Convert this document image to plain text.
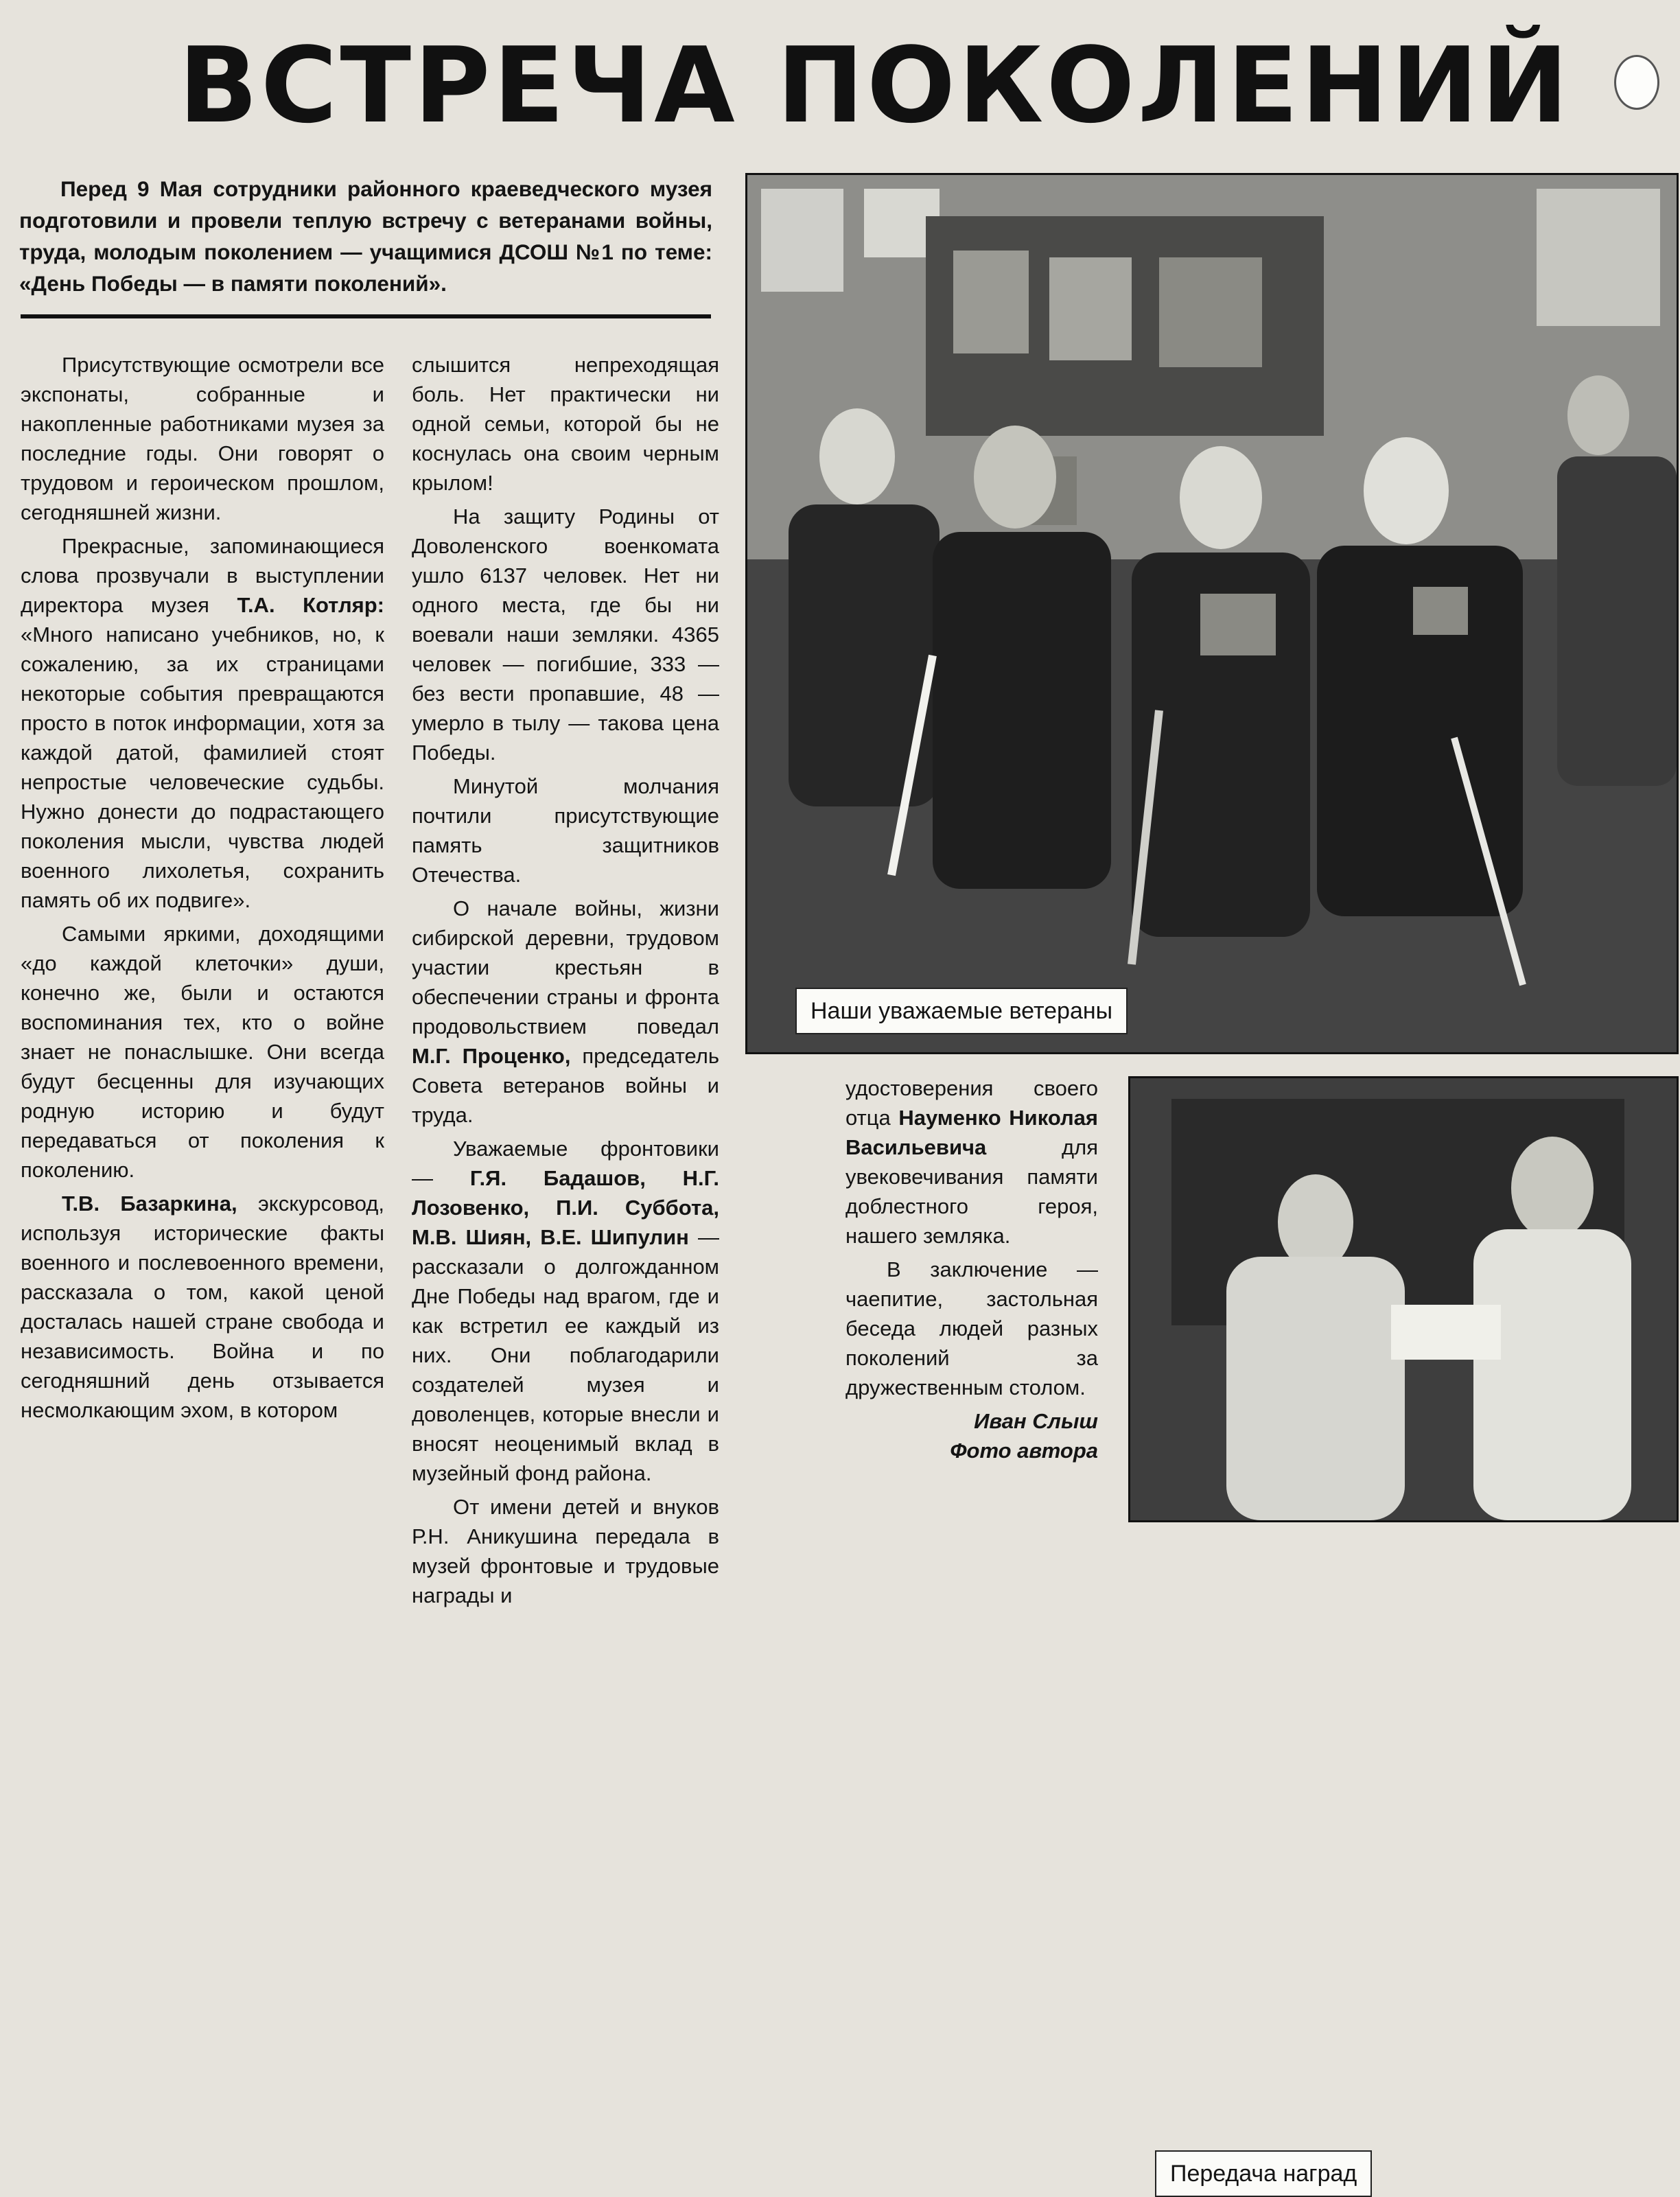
ВСТРЕЧА ПОКОЛЕНИЙ

Перед 9 Мая сотрудники районного краеведческого музея подготовили и провели теплую встречу с ветеранами войны, труда, молодым поколением — учащимися ДСОШ №1 по теме: «День Победы — в памяти поколений».

Присутствующие осмотрели все экспонаты, собранные и накопленные работниками музея за последние годы. Они говорят о трудовом и героическом прошлом, сегодняшней жизни.

Прекрасные, запоминающиеся слова прозвучали в выступлении директора музея Т.А. Котляр: «Много написано учебников, но, к сожалению, за их страницами некоторые события превращаются просто в поток информации, хотя за каждой датой, фамилией стоят непростые человеческие судьбы. Нужно донести до подрастающего поколения мысли, чувства людей военного лихолетья, сохранить память об их подвиге».

Самыми яркими, доходящими «до каждой клеточки» души, конечно же, были и остаются воспоминания тех, кто о войне знает не понаслышке. Они всегда будут бесценны для изучающих родную историю и будут передаваться от поколения к поколению.

Т.В. Базаркина, экскурсовод, используя исторические факты военного и послевоенного времени, рассказала о том, какой ценой досталась нашей стране свобода и независимость. Война и по сегодняшний день отзывается несмолкающим эхом, в котором

слышится непреходящая боль. Нет практически ни одной семьи, которой бы не коснулась она своим черным крылом!

На защиту Родины от Доволенского военкомата ушло 6137 человек. Нет ни одного места, где бы ни воевали наши земляки. 4365 человек — погибшие, 333 — без вести пропавшие, 48 — умерло в тылу — такова цена Победы.

Минутой молчания почтили присутствующие память защитников Отечества.

О начале войны, жизни сибирской деревни, трудовом участии крестьян в обеспечении страны и фронта продовольствием поведал М.Г. Проценко, председатель Совета ветеранов войны и труда.

Уважаемые фронтовики — Г.Я. Бадашов, Н.Г. Лозовенко, П.И. Суббота, М.В. Шиян, В.Е. Шипулин — рассказали о долгожданном Дне Победы над врагом, где и как встретил ее каждый из них. Они поблагодарили создателей музея и доволенцев, которые внесли и вносят неоценимый вклад в музейный фонд района.

От имени детей и внуков Р.Н. Аникушина передала в музей фронтовые и трудовые награды и

удостоверения своего отца Науменко Николая Васильевича для увековечивания памяти доблестного героя, нашего земляка.

В заключение — чаепитие, застольная беседа людей разных поколений за дружественным столом.

Иван Слыш

Фото автора

Наши уважаемые ветераны
Передача наград
